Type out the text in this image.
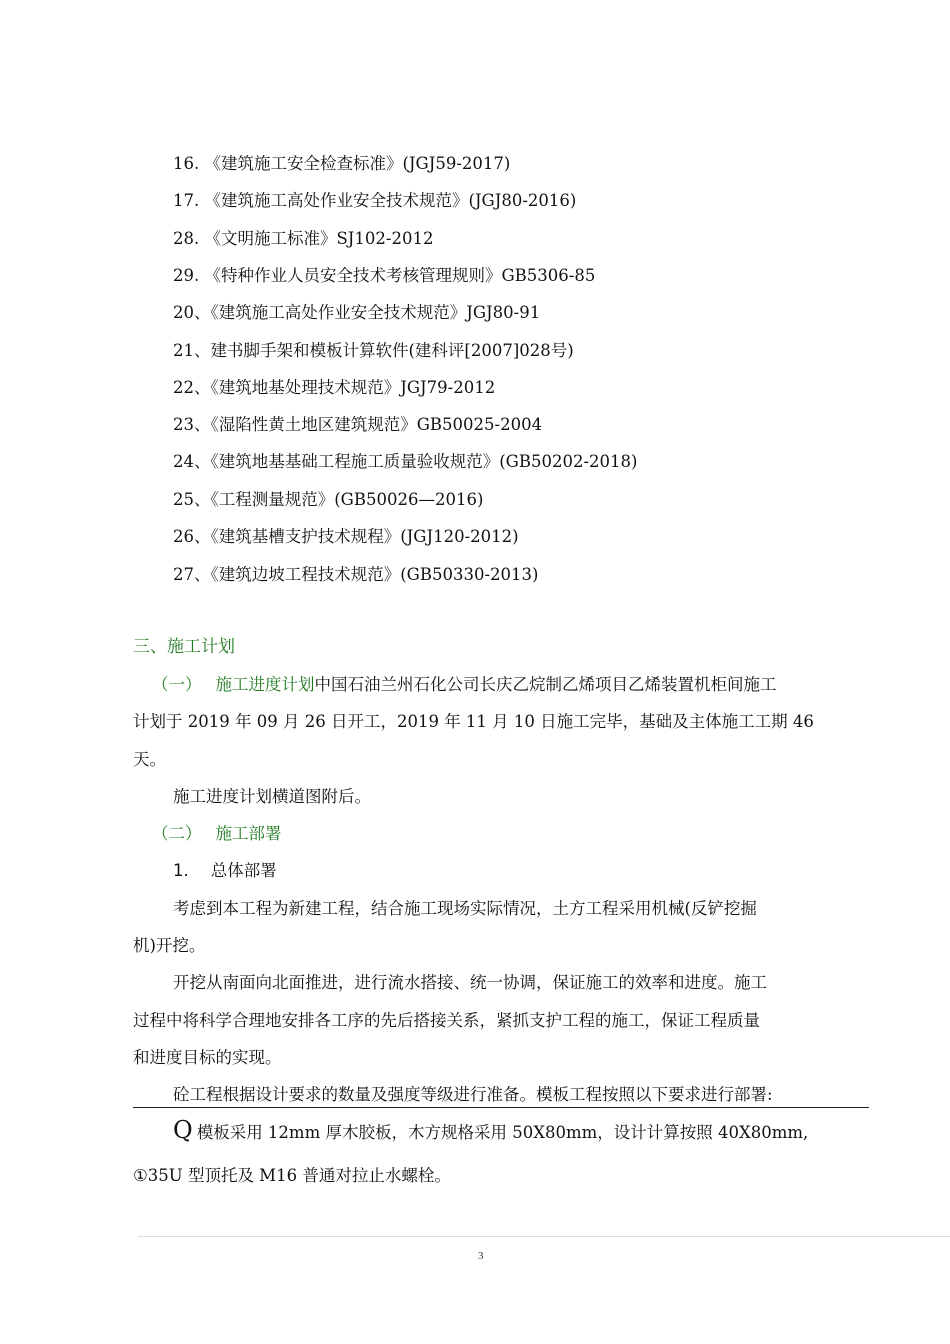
16. 《建筑施工安全检查标准》(JGJ59-2017)
17. 《建筑施工高处作业安全技术规范》(JGJ80-2016)
28. 《文明施工标准》SJ102-2012
29. 《特种作业人员安全技术考核管理规则》GB5306-85
20、《建筑施工高处作业安全技术规范》JGJ80-91
21、建书脚手架和模板计算软件(建科评[2007]028号)
22、《建筑地基处理技术规范》JGJ79-2012
23、《湿陷性黄土地区建筑规范》GB50025-2004
24、《建筑地基基础工程施工质量验收规范》(GB50202-2018)
25、《工程测量规范》(GB50026—2016)
26、《建筑基槽支护技术规程》(JGJ120-2012)
27、《建筑边坡工程技术规范》(GB50330-2013)
三、施工计划
（一） 施工进度计划中国石油兰州石化公司长庆乙烷制乙烯项目乙烯装置机柜间施工
计划于 2019 年 09 月 26 日开工，2019 年 11 月 10 日施工完毕，基础及主体施工工期 46
天。
施工进度计划横道图附后。
（二） 施工部署
1. 总体部署
考虑到本工程为新建工程，结合施工现场实际情况，土方工程采用机械(反铲挖掘
机)开挖。
开挖从南面向北面推进，进行流水搭接、统一协调，保证施工的效率和进度。施工
过程中将科学合理地安排各工序的先后搭接关系，紧抓支护工程的施工，保证工程质量
和进度目标的实现。
砼工程根据设计要求的数量及强度等级进行准备。模板工程按照以下要求进行部署:
Q 模板采用 12mm 厚木胶板，木方规格采用 50X80mm，设计计算按照 40X80mm,
①35U 型顶托及 M16 普通对拉止水螺栓。
3
